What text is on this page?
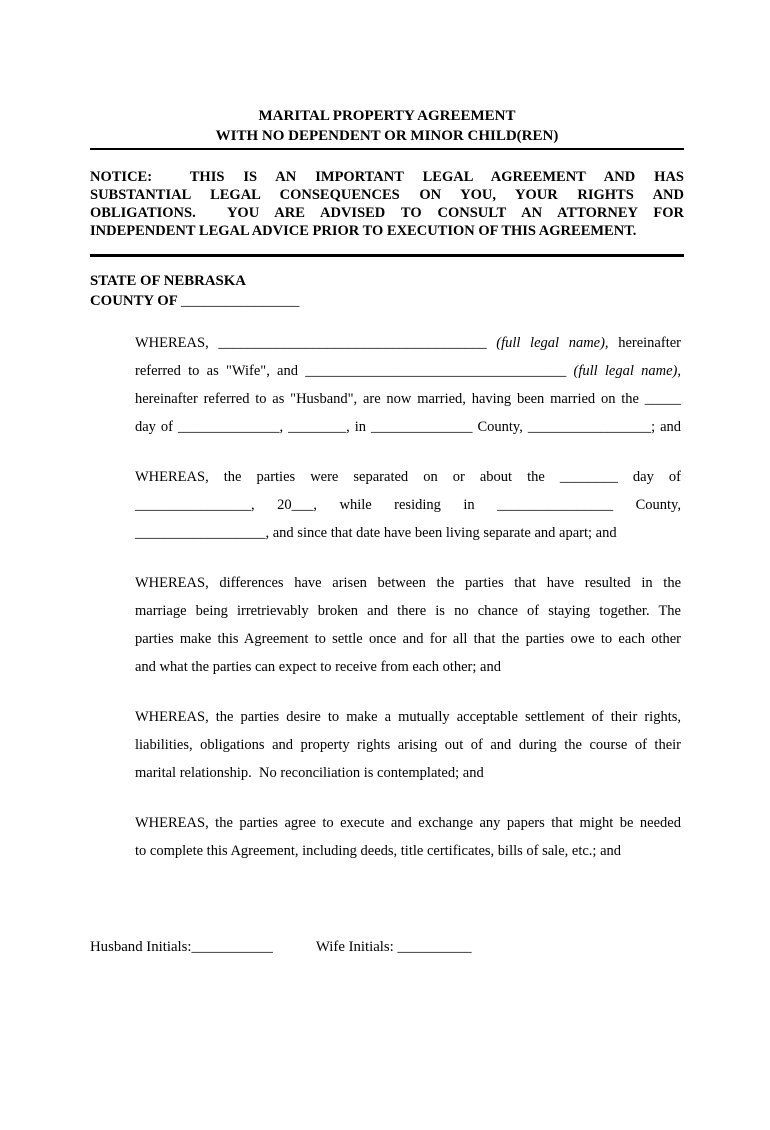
MARITAL PROPERTY AGREEMENT
WITH NO DEPENDENT OR MINOR CHILD(REN)
NOTICE:  THIS IS AN IMPORTANT LEGAL AGREEMENT AND HAS
SUBSTANTIAL LEGAL CONSEQUENCES ON YOU, YOUR RIGHTS AND
OBLIGATIONS.  YOU ARE ADVISED TO CONSULT AN ATTORNEY FOR
INDEPENDENT LEGAL ADVICE PRIOR TO EXECUTION OF THIS AGREEMENT.
STATE OF NEBRASKA
COUNTY OF ________________
WHEREAS, _____________________________________ (full legal name), hereinafter
referred to as "Wife", and ____________________________________ (full legal name),
hereinafter referred to as "Husband", are now married, having been married on the _____
day of ______________, ________, in ______________ County, _________________; and
WHEREAS, the parties were separated on or about the ________ day of
________________, 20___, while residing in ________________ County,
__________________, and since that date have been living separate and apart; and
WHEREAS, differences have arisen between the parties that have resulted in the
marriage being irretrievably broken and there is no chance of staying together. The
parties make this Agreement to settle once and for all that the parties owe to each other
and what the parties can expect to receive from each other; and
WHEREAS, the parties desire to make a mutually acceptable settlement of their rights,
liabilities, obligations and property rights arising out of and during the course of their
marital relationship.  No reconciliation is contemplated; and
WHEREAS, the parties agree to execute and exchange any papers that might be needed
to complete this Agreement, including deeds, title certificates, bills of sale, etc.; and
Husband Initials:___________	Wife Initials: __________
